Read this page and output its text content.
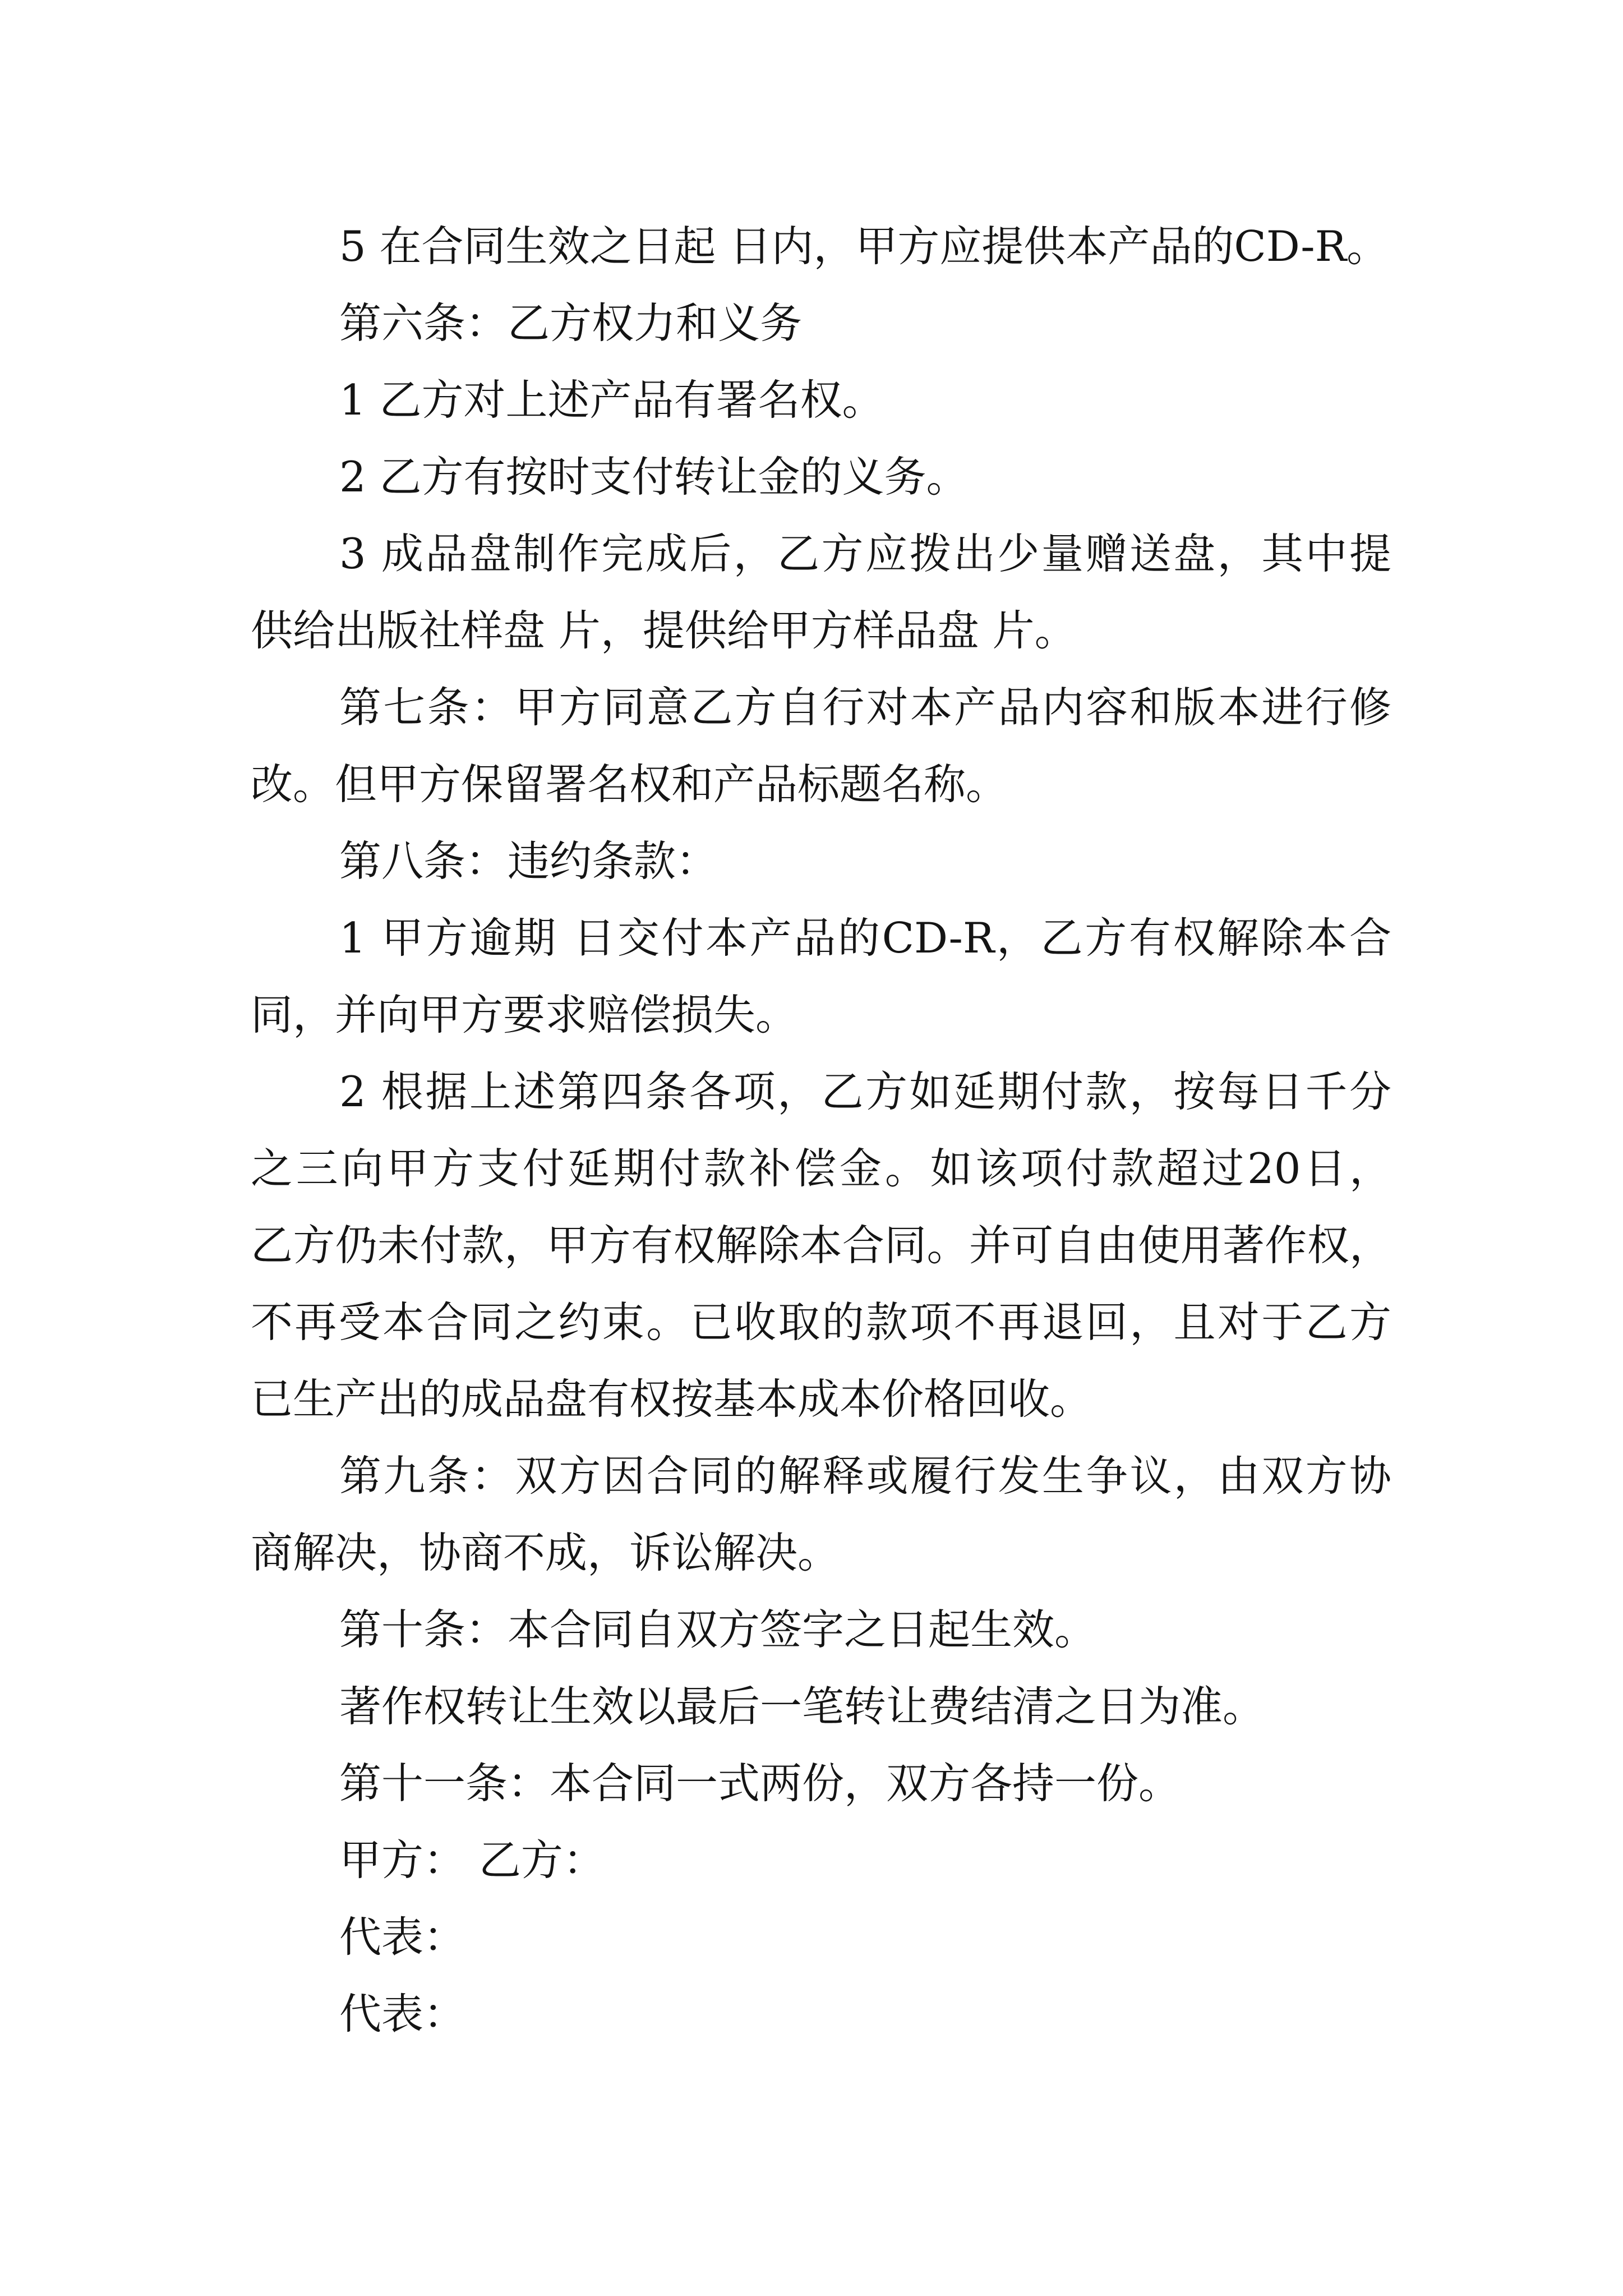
5 在合同生效之日起 日内，甲方应提供本产品的CD-R。
第六条：乙方权力和义务
1 乙方对上述产品有署名权。
2 乙方有按时支付转让金的义务。
3 成品盘制作完成后，乙方应拨出少量赠送盘，其中提
供给出版社样盘 片，提供给甲方样品盘 片。
第七条：甲方同意乙方自行对本产品内容和版本进行修
改。但甲方保留署名权和产品标题名称。
第八条：违约条款：
1 甲方逾期 日交付本产品的CD-R，乙方有权解除本合
同，并向甲方要求赔偿损失。
2 根据上述第四条各项，乙方如延期付款，按每日千分
之三向甲方支付延期付款补偿金。如该项付款超过20日，
乙方仍未付款，甲方有权解除本合同。并可自由使用著作权，
不再受本合同之约束。已收取的款项不再退回，且对于乙方
已生产出的成品盘有权按基本成本价格回收。
第九条：双方因合同的解释或履行发生争议，由双方协
商解决，协商不成，诉讼解决。
第十条：本合同自双方签字之日起生效。
著作权转让生效以最后一笔转让费结清之日为准。
第十一条：本合同一式两份，双方各持一份。
甲方： 乙方：
代表：
代表：
